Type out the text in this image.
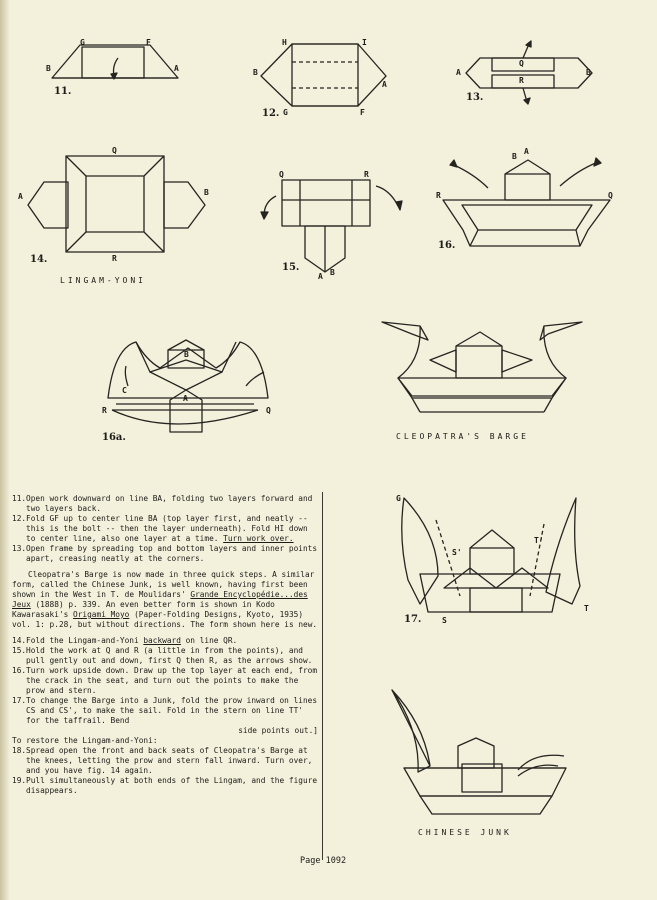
G	F
B	A
11.
H	I
B
A
G	F
12.
A	B
Q
R
13.
Q
A	B
R
14.
LINGAM-YONI
Q	R
A B
15.
B
A
R	Q
16.
B
A
C
R	Q
16a.	CLEOPATRA'S BARGE
G
S'
T'
S
T
17.
CHINESE JUNK
11. Open work downward on line BA, folding two layers forward and two layers back.
12. Fold GF up to center line BA (top layer first, and neatly -- this is the bolt -- then the layer underneath). Fold HI down to center line, also one layer at a time. Turn work over.
13. Open frame by spreading top and bottom layers and inner points apart, creasing neatly at the corners.

Cleopatra's Barge is now made in three quick steps. A similar form, called the Chinese Junk, is well known, having first been shown in the West in T. de Moulidars' Grande Encyclopédie...des Jeux (1888) p. 339. An even better form is shown in Kodo Kawarasaki's Origami Moyo (Paper-Folding Designs, Kyoto, 1935) vol. 1: p.28, but without directions. The form shown here is new.

14. Fold the Lingam-and-Yoni backward on line QR.
15. Hold the work at Q and R (a little in from the points), and pull gently out and down, first Q then R, as the arrows show.
16. Turn work upside down. Draw up the top layer at each end, from the crack in the seat, and turn out the points to make the prow and stern.
17. To change the Barge into a Junk, fold the prow inward on lines CS and CS', to make the sail. Fold in the stern on line TT' for the taffrail. Bend

side points out.]

To restore the Lingam-and-Yoni:

18. Spread open the front and back seats of Cleopatra's Barge at the knees, letting the prow and stern fall inward. Turn over, and you have fig. 14 again.
19. Pull simultaneously at both ends of the Lingam, and the figure disappears.
Page 1092
